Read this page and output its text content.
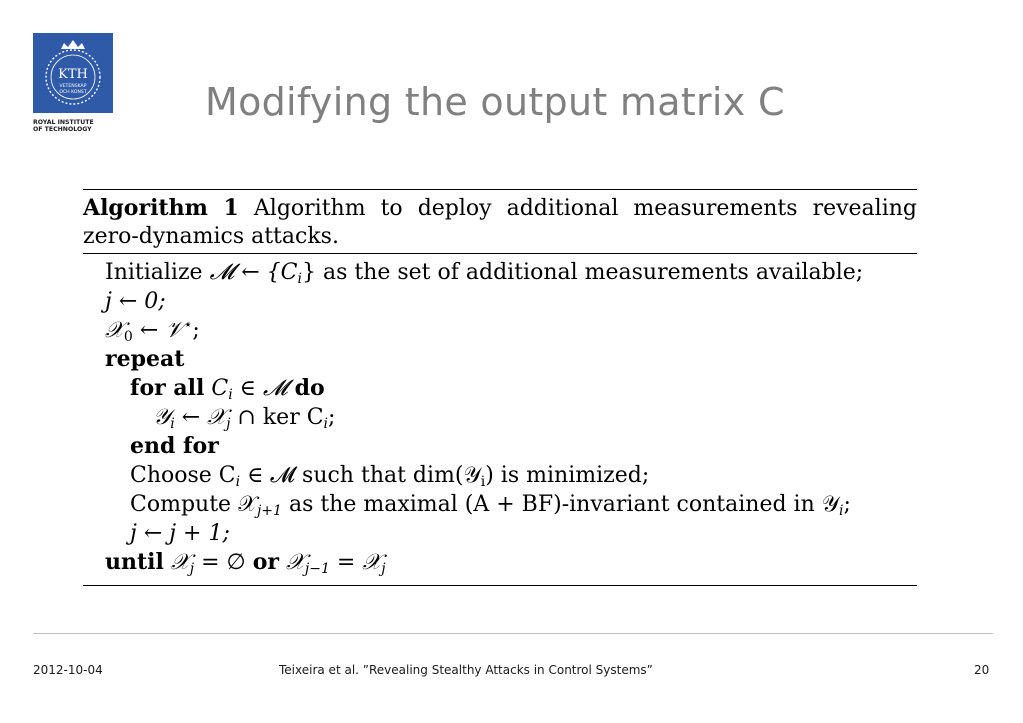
KTH
VETENSKAP
OCH KONST
ROYAL INSTITUTE
OF TECHNOLOGY
Modifying the output matrix C
Algorithm 1 Algorithm to deploy additional measurements revealing zero-dynamics attacks.
Initialize 𝓜 ← $\{C_i\}$ as the set of additional measurements available;
j ← 0;
𝒳$_0$ ← 𝒱⋆;
repeat
for all $C_i$ ∈ 𝓜 do
𝒴$_i$ ← 𝒳$_j$ ∩ ker $C_i$;
end for
Choose $C_i$ ∈ 𝓜 such that dim(𝒴$_i$) is minimized;
Compute 𝒳$_{j+1}$ as the maximal (A + BF)-invariant contained in 𝒴$_i$;
j ← j + 1;
until 𝒳$_j$ = ∅ or 𝒳$_{j-1}$ = 𝒳$_j$
2012-10-04	Teixeira et al. ”Revealing Stealthy Attacks in Control Systems”	20
